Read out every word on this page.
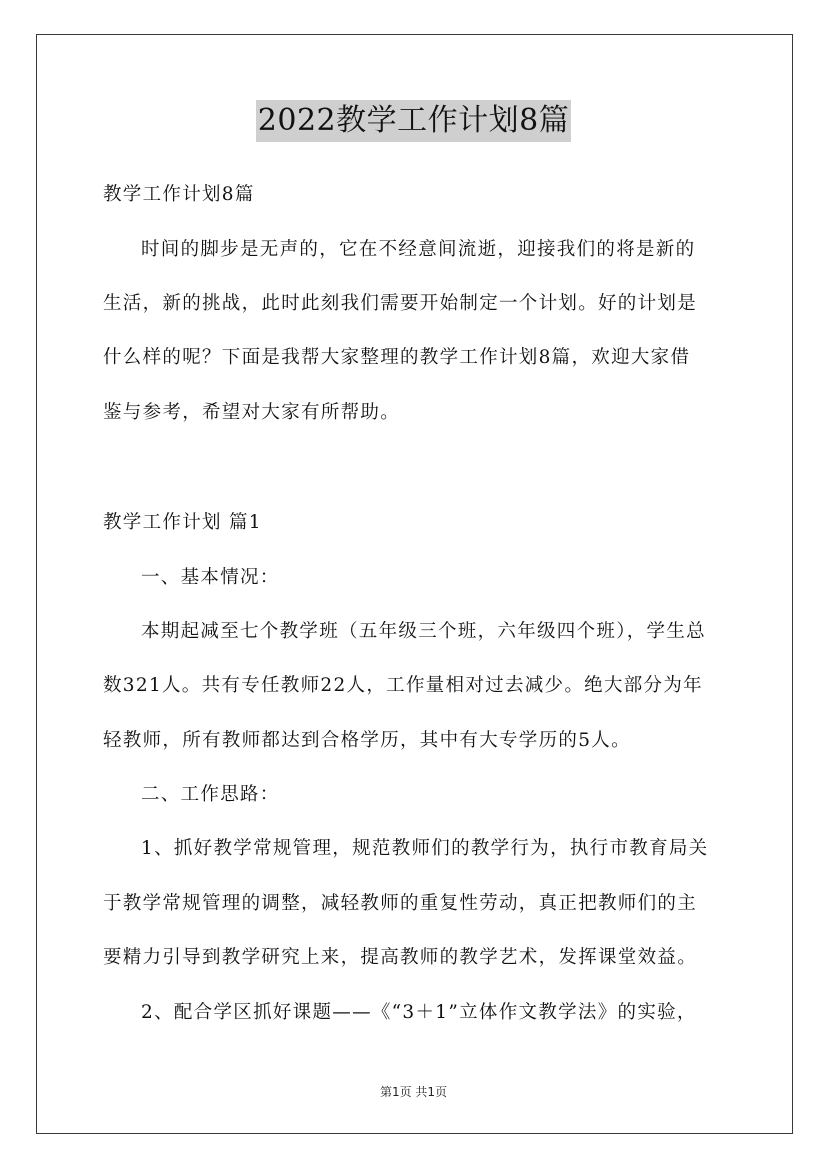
2022教学工作计划8篇
教学工作计划8篇
时间的脚步是无声的，它在不经意间流逝，迎接我们的将是新的
生活，新的挑战，此时此刻我们需要开始制定一个计划。好的计划是
什么样的呢？下面是我帮大家整理的教学工作计划8篇，欢迎大家借
鉴与参考，希望对大家有所帮助。
教学工作计划 篇1
一、基本情况：
本期起减至七个教学班（五年级三个班，六年级四个班），学生总
数321人。共有专任教师22人，工作量相对过去减少。绝大部分为年
轻教师，所有教师都达到合格学历，其中有大专学历的5人。
二、工作思路：
1、抓好教学常规管理，规范教师们的教学行为，执行市教育局关
于教学常规管理的调整，减轻教师的重复性劳动，真正把教师们的主
要精力引导到教学研究上来，提高教师的教学艺术，发挥课堂效益。
2、配合学区抓好课题——《“3＋1”立体作文教学法》的实验，
第1页 共1页
